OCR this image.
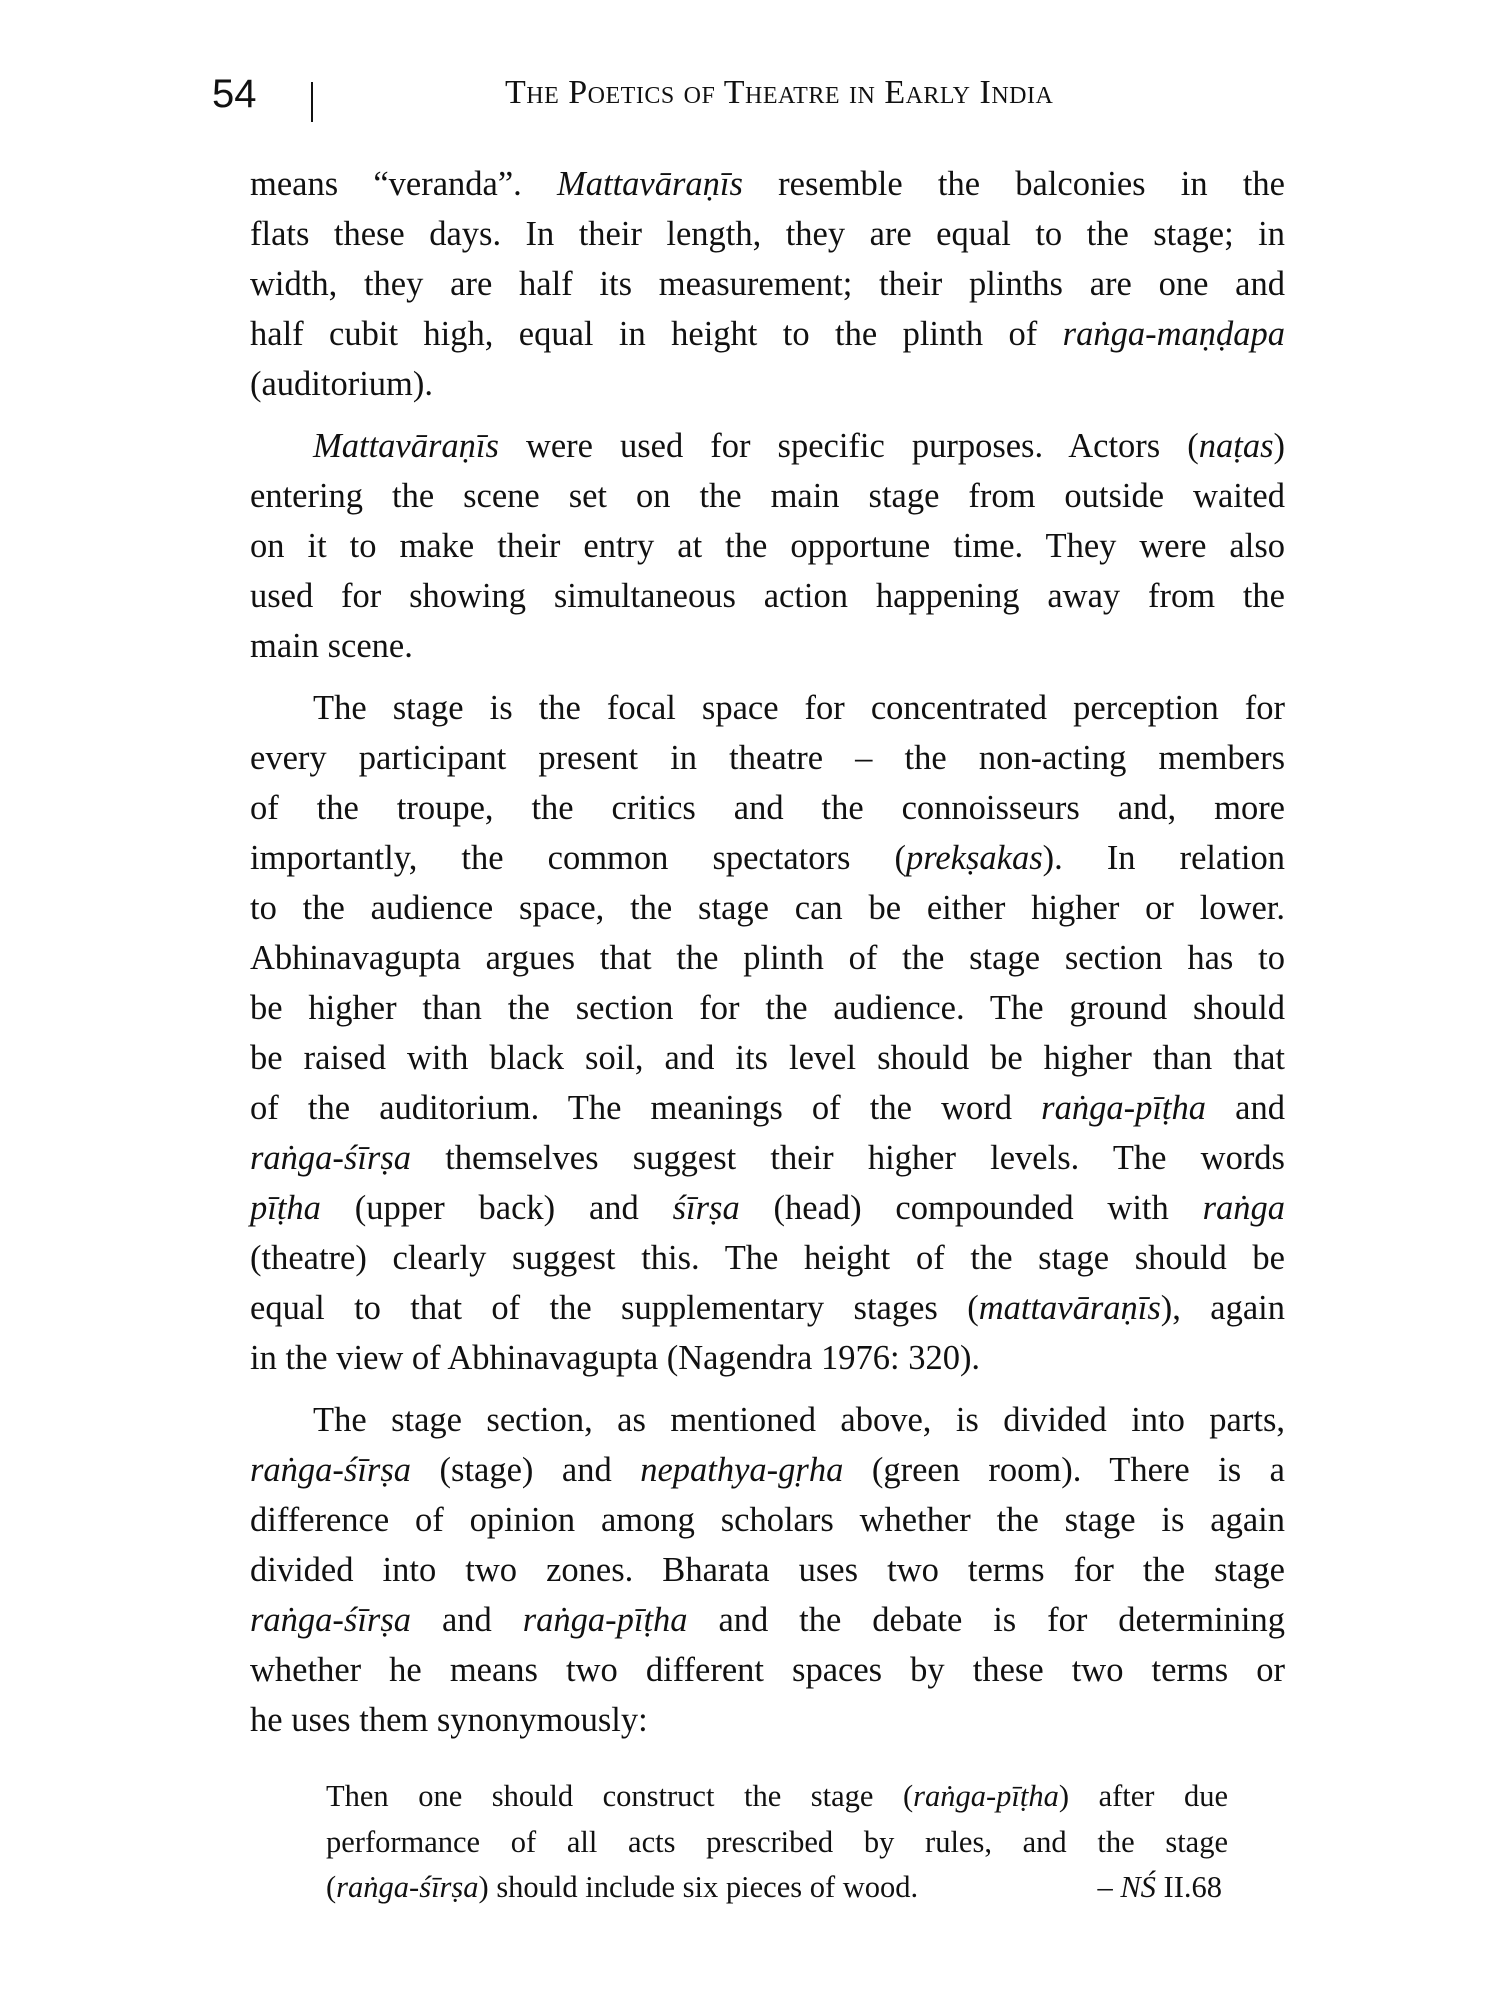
54	The Poetics of Theatre in Early India
means “veranda”. Mattavāraṇīs resemble the balconies in the
flats these days. In their length, they are equal to the stage; in
width, they are half its measurement; their plinths are one and
half cubit high, equal in height to the plinth of raṅga-maṇḍapa
(auditorium).
Mattavāraṇīs were used for specific purposes. Actors (naṭas)
entering the scene set on the main stage from outside waited
on it to make their entry at the opportune time. They were also
used for showing simultaneous action happening away from the
main scene.
The stage is the focal space for concentrated perception for
every participant present in theatre – the non-acting members
of the troupe, the critics and the connoisseurs and, more
importantly, the common spectators (prekṣakas). In relation
to the audience space, the stage can be either higher or lower.
Abhinavagupta argues that the plinth of the stage section has to
be higher than the section for the audience. The ground should
be raised with black soil, and its level should be higher than that
of the auditorium. The meanings of the word raṅga-pīṭha and
raṅga-śīrṣa themselves suggest their higher levels. The words
pīṭha (upper back) and śīrṣa (head) compounded with raṅga
(theatre) clearly suggest this. The height of the stage should be
equal to that of the supplementary stages (mattavāraṇīs), again
in the view of Abhinavagupta (Nagendra 1976: 320).
The stage section, as mentioned above, is divided into parts,
raṅga-śīrṣa (stage) and nepathya-gṛha (green room). There is a
difference of opinion among scholars whether the stage is again
divided into two zones. Bharata uses two terms for the stage
raṅga-śīrṣa and raṅga-pīṭha and the debate is for determining
whether he means two different spaces by these two terms or
he uses them synonymously:
Then one should construct the stage (raṅga-pīṭha) after due
performance of all acts prescribed by rules, and the stage
(raṅga-śīrṣa) should include six pieces of wood.	– NŚ II.68
